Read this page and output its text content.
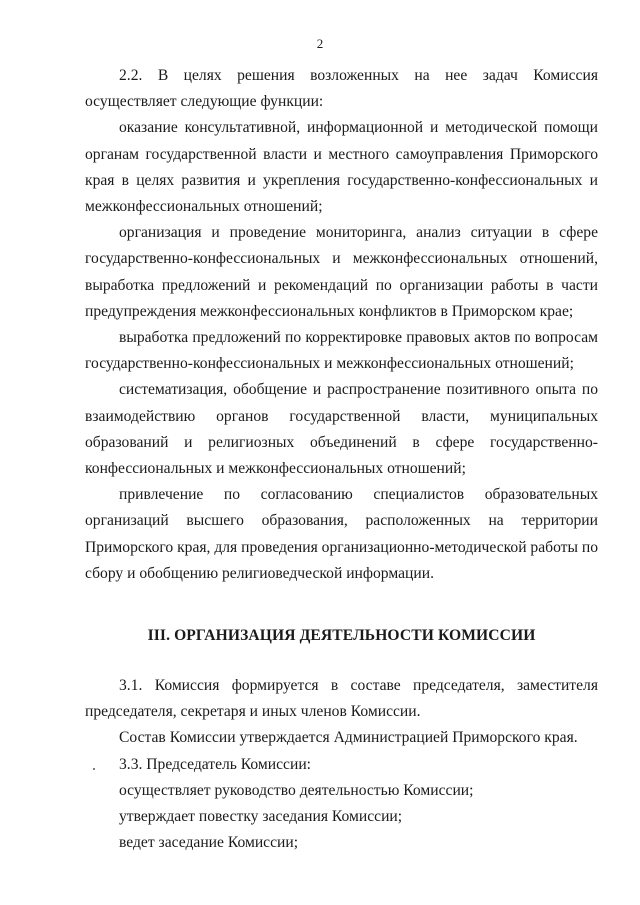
2

2.2. В целях решения возложенных на нее задач Комиссия осуществляет следующие функции:

оказание консультативной, информационной и методической помощи органам государственной власти и местного самоуправления Приморского края в целях развития и укрепления государственно-конфессиональных и межконфессиональных отношений;

организация и проведение мониторинга, анализ ситуации в сфере государственно-конфессиональных и межконфессиональных отношений, выработка предложений и рекомендаций по организации работы в части предупреждения межконфессиональных конфликтов в Приморском крае;

выработка предложений по корректировке правовых актов по вопросам государственно-конфессиональных и межконфессиональных отношений;

систематизация, обобщение и распространение позитивного опыта по взаимодействию органов государственной власти, муниципальных образований и религиозных объединений в сфере государственно-конфессиональных и межконфессиональных отношений;

привлечение по согласованию специалистов образовательных организаций высшего образования, расположенных на территории Приморского края, для проведения организационно-методической работы по сбору и обобщению религиоведческой информации.

III. ОРГАНИЗАЦИЯ ДЕЯТЕЛЬНОСТИ КОМИССИИ

3.1. Комиссия формируется в составе председателя, заместителя председателя, секретаря и иных членов Комиссии.

Состав Комиссии утверждается Администрацией Приморского края.

3.3. Председатель Комиссии:

осуществляет руководство деятельностью Комиссии;

утверждает повестку заседания Комиссии;

ведет заседание Комиссии;
